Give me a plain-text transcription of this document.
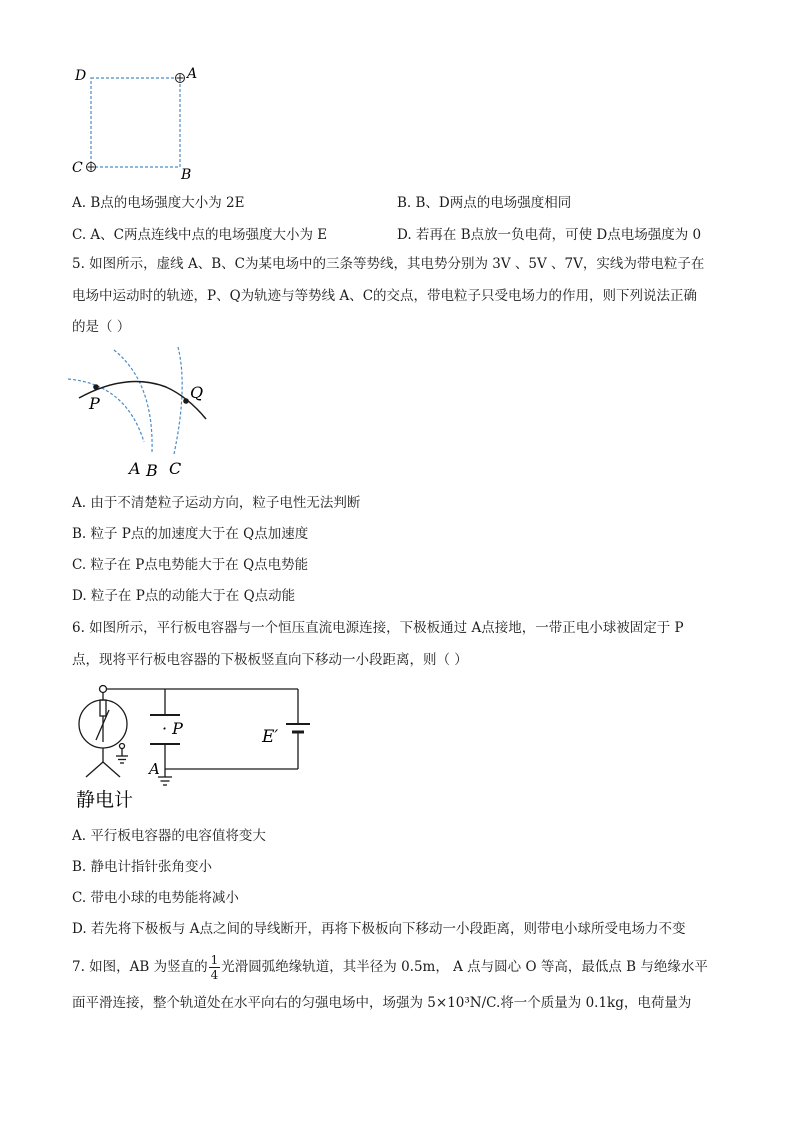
D	A
C	B
A. B点的电场强度大小为 2E	B. B、D两点的电场强度相同
C. A、C两点连线中点的电场强度大小为 E	D. 若再在 B点放一负电荷，可使 D点电场强度为 0
5. 如图所示，虚线 A、B、C为某电场中的三条等势线，其电势分别为 3V 、5V 、7V，实线为带电粒子在
电场中运动时的轨迹，P、Q为轨迹与等势线 A、C的交点，带电粒子只受电场力的作用，则下列说法正确
的是（ ）
P
Q
A B C
A. 由于不清楚粒子运动方向，粒子电性无法判断
B. 粒子 P点的加速度大于在 Q点加速度
C. 粒子在 P点电势能大于在 Q点电势能
D. 粒子在 P点的动能大于在 Q点动能
6. 如图所示，平行板电容器与一个恒压直流电源连接，下极板通过 A点接地，一带正电小球被固定于 P
点，现将平行板电容器的下极板竖直向下移动一小段距离，则（ ）
· P	E′
A
静电计
A. 平行板电容器的电容值将变大
B. 静电计指针张角变小
C. 带电小球的电势能将减小
D. 若先将下极板与 A点之间的导线断开，再将下极板向下移动一小段距离，则带电小球所受电场力不变
7. 如图，AB 为竖直的 $\frac{1}{4}$ 光滑圆弧绝缘轨道，其半径为 0.5m， A 点与圆心 O 等高，最低点 B 与绝缘水平
面平滑连接，整个轨道处在水平向右的匀强电场中，场强为 5×10³N/C.将一个质量为 0.1kg，电荷量为
